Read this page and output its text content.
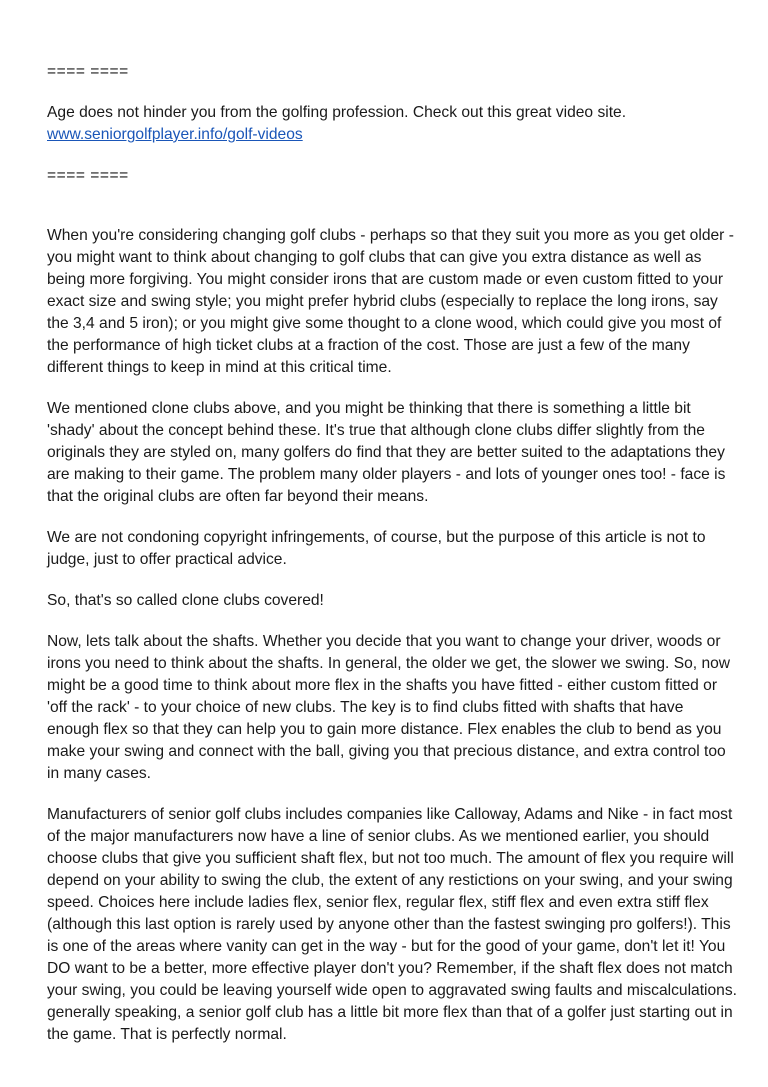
==== ====

Age does not hinder you from the golfing profession. Check out this great video site.

www.seniorgolfplayer.info/golf-videos

==== ====

When you're considering changing golf clubs - perhaps so that they suit you more as you get older - you might want to think about changing to golf clubs that can give you extra distance as well as being more forgiving. You might consider irons that are custom made or even custom fitted to your exact size and swing style; you might prefer hybrid clubs (especially to replace the long irons, say the 3,4 and 5 iron); or you might give some thought to a clone wood, which could give you most of the performance of high ticket clubs at a fraction of the cost. Those are just a few of the many different things to keep in mind at this critical time.

We mentioned clone clubs above, and you might be thinking that there is something a little bit 'shady' about the concept behind these. It's true that although clone clubs differ slightly from the originals they are styled on, many golfers do find that they are better suited to the adaptations they are making to their game. The problem many older players - and lots of younger ones too! - face is that the original clubs are often far beyond their means.

We are not condoning copyright infringements, of course, but the purpose of this article is not to judge, just to offer practical advice.

So, that's so called clone clubs covered!

Now, lets talk about the shafts. Whether you decide that you want to change your driver, woods or irons you need to think about the shafts. In general, the older we get, the slower we swing. So, now might be a good time to think about more flex in the shafts you have fitted - either custom fitted or 'off the rack' - to your choice of new clubs. The key is to find clubs fitted with shafts that have enough flex so that they can help you to gain more distance. Flex enables the club to bend as you make your swing and connect with the ball, giving you that precious distance, and extra control too in many cases.

Manufacturers of senior golf clubs includes companies like Calloway, Adams and Nike - in fact most of the major manufacturers now have a line of senior clubs. As we mentioned earlier, you should choose clubs that give you sufficient shaft flex, but not too much. The amount of flex you require will depend on your ability to swing the club, the extent of any restictions on your swing, and your swing speed. Choices here include ladies flex, senior flex, regular flex, stiff flex and even extra stiff flex (although this last option is rarely used by anyone other than the fastest swinging pro golfers!). This is one of the areas where vanity can get in the way - but for the good of your game, don't let it! You DO want to be a better, more effective player don't you? Remember, if the shaft flex does not match your swing, you could be leaving yourself wide open to aggravated swing faults and miscalculations. generally speaking, a senior golf club has a little bit more flex than that of a golfer just starting out in the game. That is perfectly normal.
